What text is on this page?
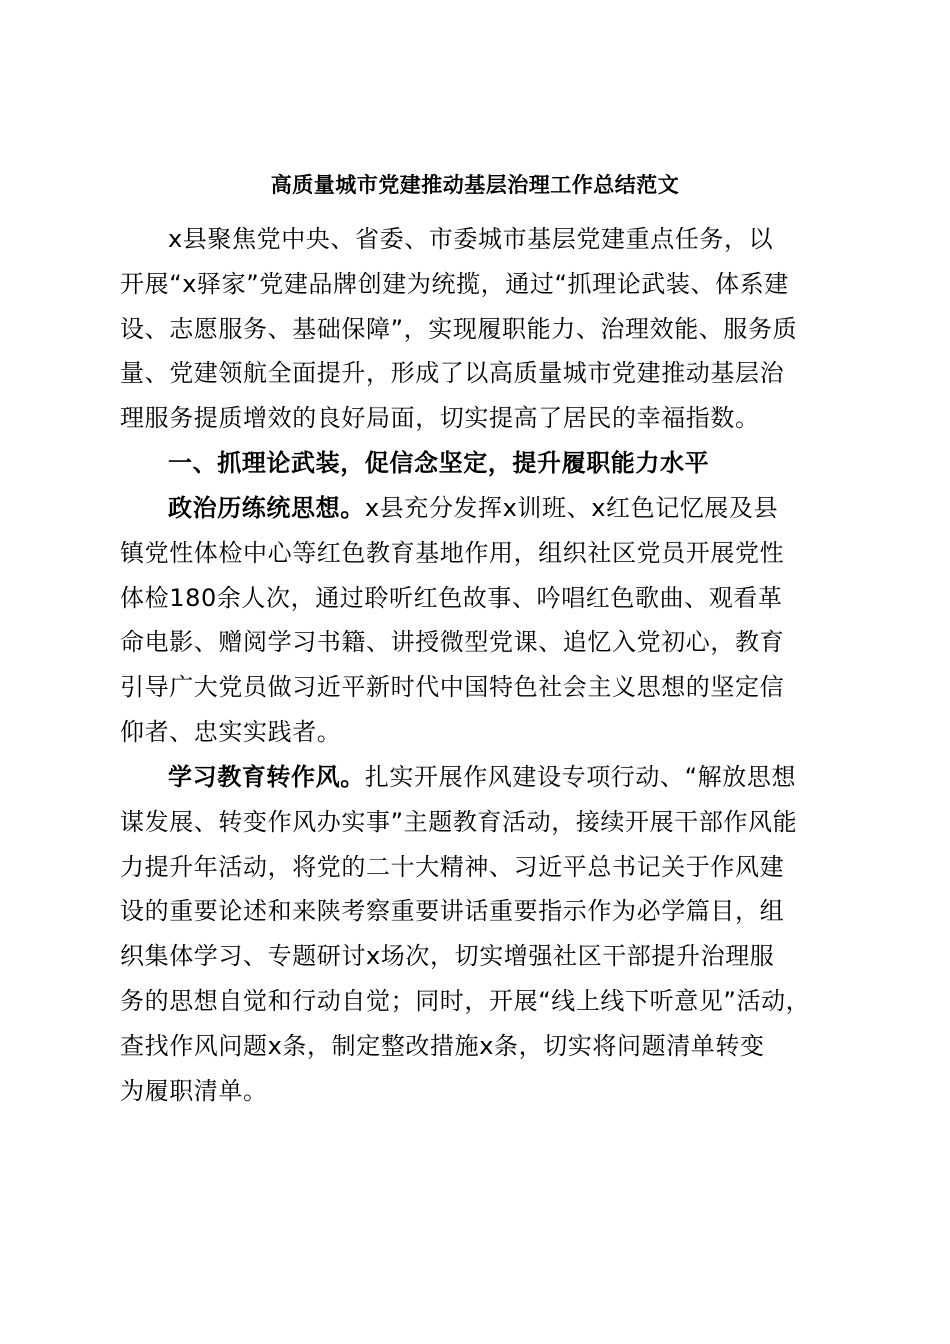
高质量城市党建推动基层治理工作总结范文
x县聚焦党中央、省委、市委城市基层党建重点任务，以
开展“x驿家”党建品牌创建为统揽，通过“抓理论武装、体系建
设、志愿服务、基础保障”，实现履职能力、治理效能、服务质
量、党建领航全面提升，形成了以高质量城市党建推动基层治
理服务提质增效的良好局面，切实提高了居民的幸福指数。
一、抓理论武装，促信念坚定，提升履职能力水平
政治历练统思想。x县充分发挥x训班、x红色记忆展及县
镇党性体检中心等红色教育基地作用，组织社区党员开展党性
体检180余人次，通过聆听红色故事、吟唱红色歌曲、观看革
命电影、赠阅学习书籍、讲授微型党课、追忆入党初心，教育
引导广大党员做习近平新时代中国特色社会主义思想的坚定信
仰者、忠实实践者。
学习教育转作风。扎实开展作风建设专项行动、“解放思想
谋发展、转变作风办实事”主题教育活动，接续开展干部作风能
力提升年活动，将党的二十大精神、习近平总书记关于作风建
设的重要论述和来陕考察重要讲话重要指示作为必学篇目，组
织集体学习、专题研讨x场次，切实增强社区干部提升治理服
务的思想自觉和行动自觉；同时，开展“线上线下听意见”活动，
查找作风问题x条，制定整改措施x条，切实将问题清单转变
为履职清单。
